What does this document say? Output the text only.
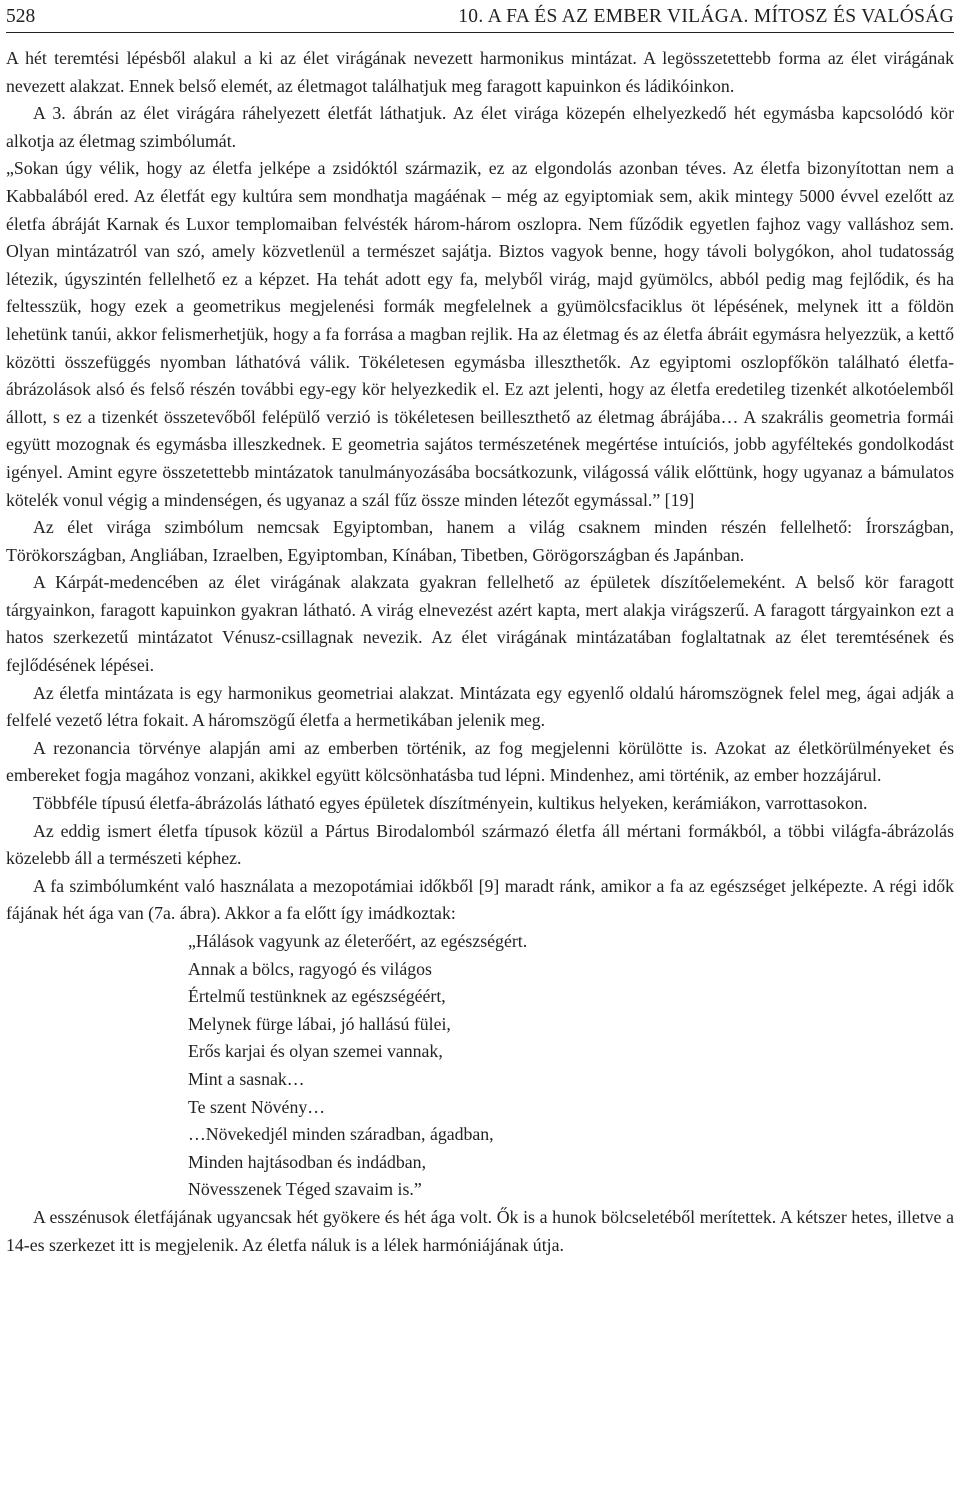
528	10. A FA ÉS AZ EMBER VILÁGA. MÍTOSZ ÉS VALÓSÁG

A hét teremtési lépésből alakul a ki az élet virágának nevezett harmonikus mintázat. A legösszetettebb forma az élet virágának nevezett alakzat. Ennek belső elemét, az életmagot találhatjuk meg faragott kapuinkon és ládikóinkon.

A 3. ábrán az élet virágára ráhelyezett életfát láthatjuk. Az élet virága közepén elhelyezkedő hét egymásba kapcsolódó kör alkotja az életmag szimbólumát.

„Sokan úgy vélik, hogy az életfa jelképe a zsidóktól származik, ez az elgondolás azonban téves. Az életfa bizonyítottan nem a Kabbalából ered. Az életfát egy kultúra sem mondhatja magáénak – még az egyiptomiak sem, akik mintegy 5000 évvel ezelőtt az életfa ábráját Karnak és Luxor templomaiban felvésték három-három oszlopra. Nem fűződik egyetlen fajhoz vagy valláshoz sem. Olyan mintázatról van szó, amely közvetlenül a természet sajátja. Biztos vagyok benne, hogy távoli bolygókon, ahol tudatosság létezik, úgyszintén fellelhető ez a képzet. Ha tehát adott egy fa, melyből virág, majd gyümölcs, abból pedig mag fejlődik, és ha feltesszük, hogy ezek a geometrikus megjelenési formák megfelelnek a gyümölcsfaciklus öt lépésének, melynek itt a földön lehetünk tanúi, akkor felismerhetjük, hogy a fa forrása a magban rejlik. Ha az életmag és az életfa ábráit egymásra helyezzük, a kettő közötti összefüggés nyomban láthatóvá válik. Tökéletesen egymásba illeszthetők. Az egyiptomi oszlopfőkön található életfa-ábrázolások alsó és felső részén további egy-egy kör helyezkedik el. Ez azt jelenti, hogy az életfa eredetileg tizenkét alkotóelemből állott, s ez a tizenkét összetevőből felépülő verzió is tökéletesen beilleszthető az életmag ábrájába… A szakrális geometria formái együtt mozognak és egymásba illeszkednek. E geometria sajátos természetének megértése intuíciós, jobb agyféltekés gondolkodást igényel. Amint egyre összetettebb mintázatok tanulmányozásába bocsátkozunk, világossá válik előttünk, hogy ugyanaz a bámulatos kötelék vonul végig a mindenségen, és ugyanaz a szál fűz össze minden létezőt egymással.” [19]

Az élet virága szimbólum nemcsak Egyiptomban, hanem a világ csaknem minden részén fellelhető: Írországban, Törökországban, Angliában, Izraelben, Egyiptomban, Kínában, Tibetben, Görögországban és Japánban.

A Kárpát-medencében az élet virágának alakzata gyakran fellelhető az épületek díszítőelemeként. A belső kör faragott tárgyainkon, faragott kapuinkon gyakran látható. A virág elnevezést azért kapta, mert alakja virágszerű. A faragott tárgyainkon ezt a hatos szerkezetű mintázatot Vénusz-csillagnak nevezik. Az élet virágának mintázatában foglaltatnak az élet teremtésének és fejlődésének lépései.

Az életfa mintázata is egy harmonikus geometriai alakzat. Mintázata egy egyenlő oldalú háromszögnek felel meg, ágai adják a felfelé vezető létra fokait. A háromszögű életfa a hermetikában jelenik meg.

A rezonancia törvénye alapján ami az emberben történik, az fog megjelenni körülötte is. Azokat az életkörülményeket és embereket fogja magához vonzani, akikkel együtt kölcsönhatásba tud lépni. Mindenhez, ami történik, az ember hozzájárul.

Többféle típusú életfa-ábrázolás látható egyes épületek díszítményein, kultikus helyeken, kerámiákon, varrottasokon.

Az eddig ismert életfa típusok közül a Pártus Birodalomból származó életfa áll mértani formákból, a többi világfa-ábrázolás közelebb áll a természeti képhez.

A fa szimbólumként való használata a mezopotámiai időkből [9] maradt ránk, amikor a fa az egészséget jelképezte. A régi idők fájának hét ága van (7a. ábra). Akkor a fa előtt így imádkoztak:

„Hálások vagyunk az életerőért, az egészségért.
Annak a bölcs, ragyogó és világos
Értelmű testünknek az egészségéért,
Melynek fürge lábai, jó hallású fülei,
Erős karjai és olyan szemei vannak,
Mint a sasnak…
Te szent Növény…
…Növekedjél minden száradban, ágadban,
Minden hajtásodban és indádban,
Növesszenek Téged szavaim is.”

A esszénusok életfájának ugyancsak hét gyökere és hét ága volt. Ők is a hunok bölcseletéből merítettek. A kétszer hetes, illetve a 14-es szerkezet itt is megjelenik. Az életfa náluk is a lélek harmóniájának útja.
